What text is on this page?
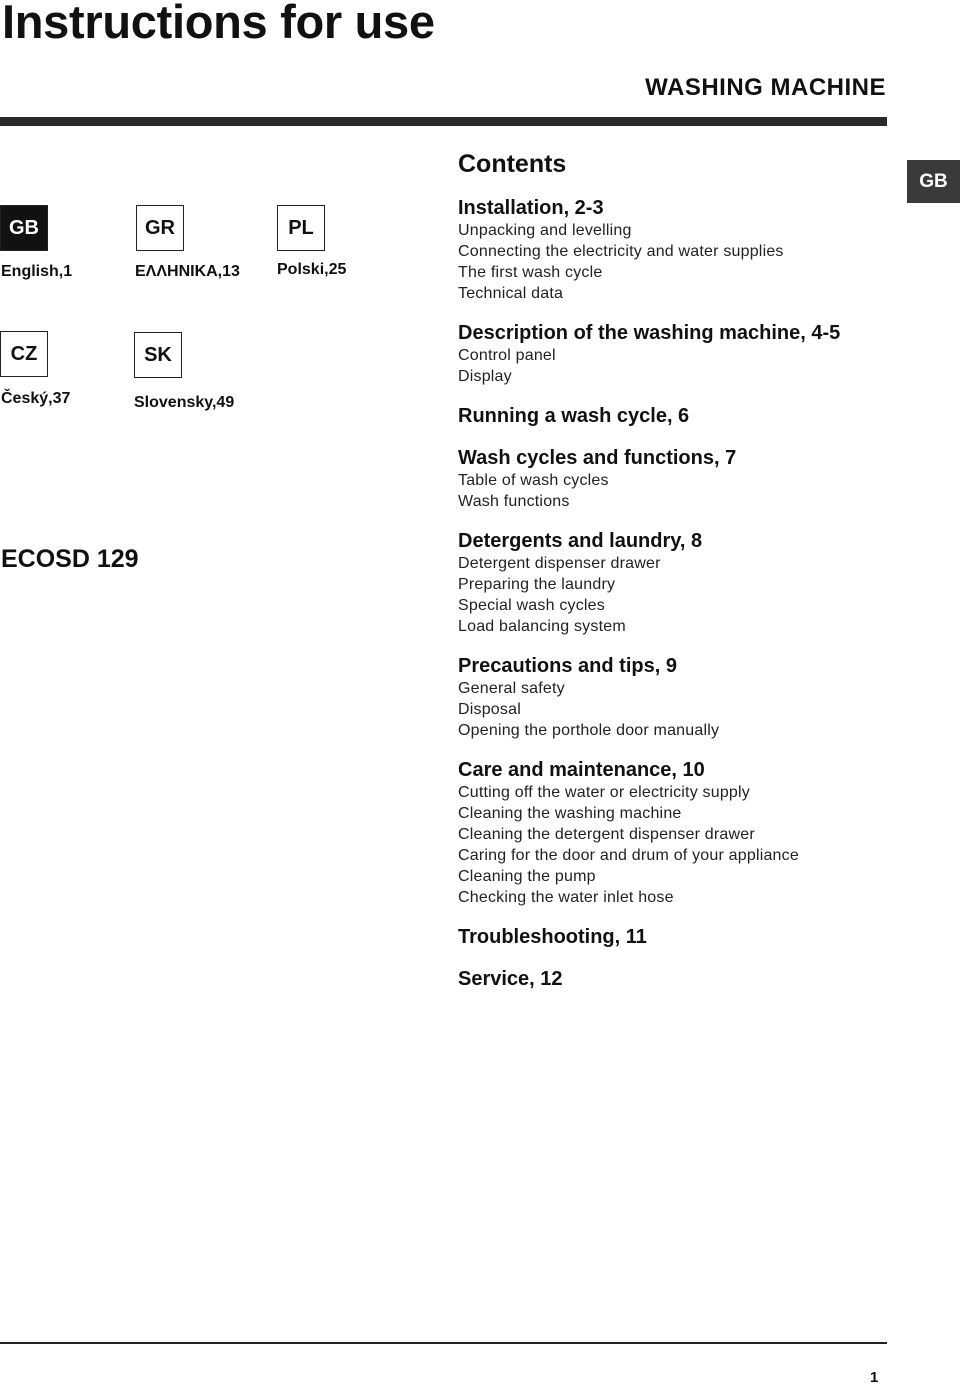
Instructions for use
WASHING MACHINE
GB
GB
English,1
GR
ΕΛΛΗΝΙΚΑ,13
PL
Polski,25
CZ
Český,37
SK
Slovensky,49
ECOSD 129
Contents
Installation, 2-3
Unpacking and levelling
Connecting the electricity and water supplies
The first wash cycle
Technical data
Description of the washing machine, 4-5
Control panel
Display
Running a wash cycle, 6
Wash cycles and functions, 7
Table of wash cycles
Wash functions
Detergents and laundry, 8
Detergent dispenser drawer
Preparing the laundry
Special wash cycles
Load balancing system
Precautions and tips, 9
General safety
Disposal
Opening the porthole door manually
Care and maintenance, 10
Cutting off the water or electricity supply
Cleaning the washing machine
Cleaning the detergent dispenser drawer
Caring for the door and drum of your appliance
Cleaning the pump
Checking the water inlet hose
Troubleshooting, 11
Service, 12
1
